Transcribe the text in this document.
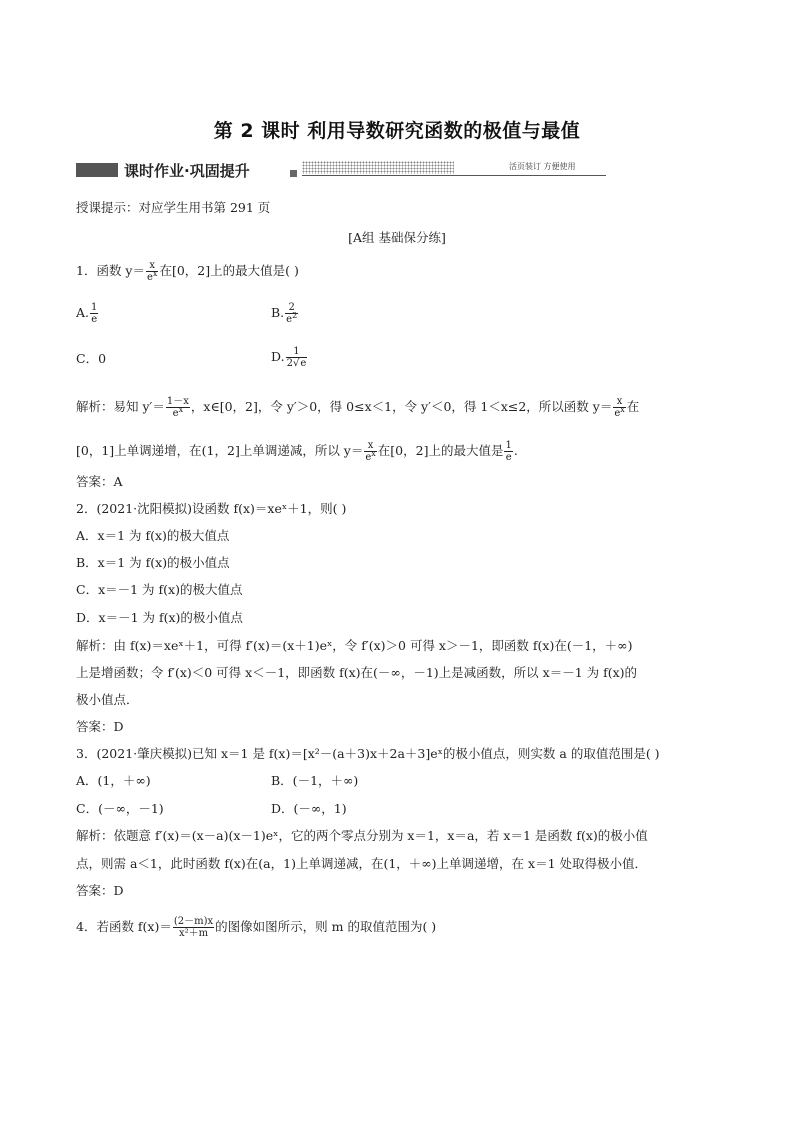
第 2 课时 利用导数研究函数的极值与最值
课时作业·巩固提升	活页装订 方便使用
授课提示：对应学生用书第 291 页
[A组 基础保分练]
1．函数 $y= \frac{x}{e^x}$ 在[0，2]上的最大值是( )
A. $\frac{1}{e}$	B. $\frac{2}{e^2}$
C．0	D. $\frac{1}{2√e}$
解析：易知 $y'= \frac{1-x}{e^x}$ ，x∈[0，2]，令 y′＞0，得 0≤x＜1，令 y′＜0，得 1＜x≤2，所以函数 $y= \frac{x}{e^x}$ 在
[0，1]上单调递增，在(1，2]上单调递减，所以 $y= \frac{x}{e^x}$ 在[0，2]上的最大值是 $\frac{1}{e}$ .
答案：A
2．(2021·沈阳模拟)设函数 f(x)＝xeˣ＋1，则( )
A．x＝1 为 f(x)的极大值点
B．x＝1 为 f(x)的极小值点
C．x＝－1 为 f(x)的极大值点
D．x＝－1 为 f(x)的极小值点
解析：由 f(x)＝xeˣ＋1，可得 f′(x)＝(x＋1)eˣ，令 f′(x)＞0 可得 x＞－1，即函数 f(x)在(－1，＋∞)
上是增函数；令 f′(x)＜0 可得 x＜－1，即函数 f(x)在(－∞，－1)上是减函数，所以 x＝－1 为 f(x)的
极小值点．
答案：D
3．(2021·肇庆模拟)已知 x＝1 是 f(x)＝[x²－(a＋3)x＋2a＋3]eˣ的极小值点，则实数 a 的取值范围是( )
A．(1，＋∞)	B．(－1，＋∞)
C．(－∞，－1)	D．(－∞，1)
解析：依题意 f′(x)＝(x－a)(x－1)eˣ，它的两个零点分别为 x＝1，x＝a，若 x＝1 是函数 f(x)的极小值
点，则需 a＜1，此时函数 f(x)在(a，1)上单调递减，在(1，＋∞)上单调递增，在 x＝1 处取得极小值．
答案：D
4．若函数 $f(x)= \frac{(2-m)x}{\text{x²＋m}}$ 的图像如图所示，则 m 的取值范围为( )
